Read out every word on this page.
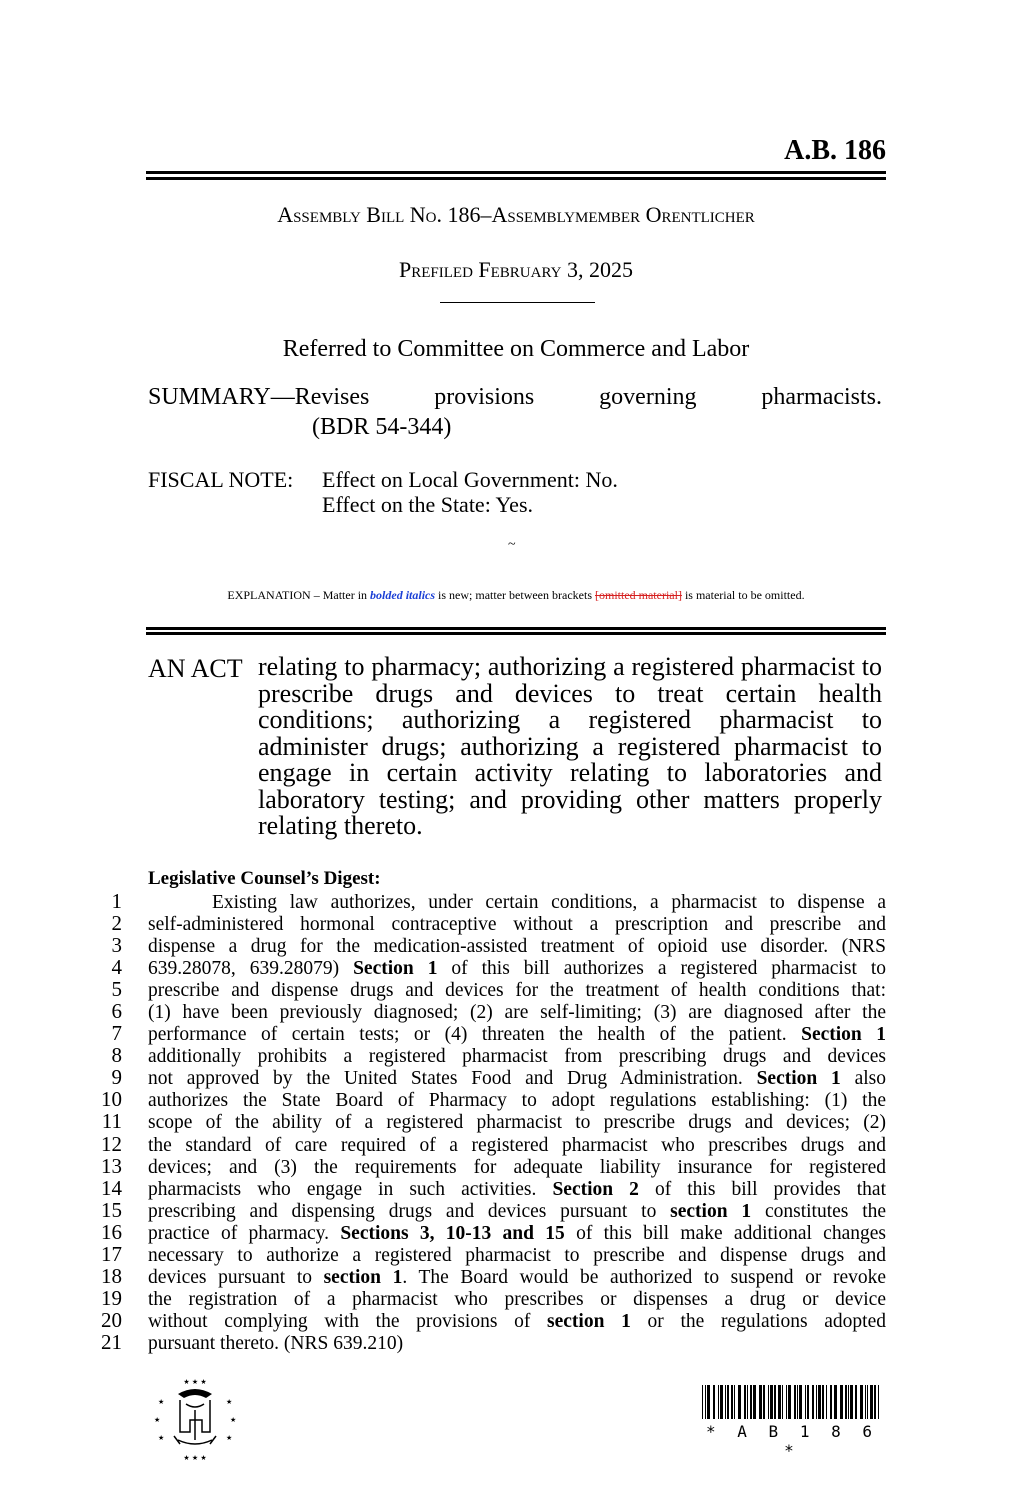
A.B. 186
Assembly Bill No. 186–Assemblymember Orentlicher
Prefiled February 3, 2025
Referred to Committee on Commerce and Labor
SUMMARY—Revises	provisions	governing	pharmacists.
(BDR 54-344)
FISCAL NOTE: Effect on Local Government: No.
Effect on the State: Yes.
~
EXPLANATION – Matter in bolded italics is new; matter between brackets [omitted material] is material to be omitted.
AN ACT relating to pharmacy; authorizing a registered pharmacist to prescribe drugs and devices to treat certain health conditions; authorizing a registered pharmacist to administer drugs; authorizing a registered pharmacist to engage in certain activity relating to laboratories and laboratory testing; and providing other matters properly relating thereto.
Legislative Counsel’s Digest:
1	Existing law authorizes, under certain conditions, a pharmacist to dispense a
2	self-administered hormonal contraceptive without a prescription and prescribe and
3	dispense a drug for the medication-assisted treatment of opioid use disorder. (NRS
4	639.28078, 639.28079) Section 1 of this bill authorizes a registered pharmacist to
5	prescribe and dispense drugs and devices for the treatment of health conditions that:
6	(1) have been previously diagnosed; (2) are self-limiting; (3) are diagnosed after the
7	performance of certain tests; or (4) threaten the health of the patient. Section 1
8	additionally prohibits a registered pharmacist from prescribing drugs and devices
9	not approved by the United States Food and Drug Administration. Section 1 also
10	authorizes the State Board of Pharmacy to adopt regulations establishing: (1) the
11	scope of the ability of a registered pharmacist to prescribe drugs and devices; (2)
12	the standard of care required of a registered pharmacist who prescribes drugs and
13	devices; and (3) the requirements for adequate liability insurance for registered
14	pharmacists who engage in such activities. Section 2 of this bill provides that
15	prescribing and dispensing drugs and devices pursuant to section 1 constitutes the
16	practice of pharmacy. Sections 3, 10-13 and 15 of this bill make additional changes
17	necessary to authorize a registered pharmacist to prescribe and dispense drugs and
18	devices pursuant to section 1. The Board would be authorized to suspend or revoke
19	the registration of a pharmacist who prescribes or dispenses a drug or device
20	without complying with the provisions of section 1 or the regulations adopted
21	pursuant thereto. (NRS 639.210)
★ ★ ★
★
★
★
★
★
★
★ ★ ★
* A B 1 8 6 *
